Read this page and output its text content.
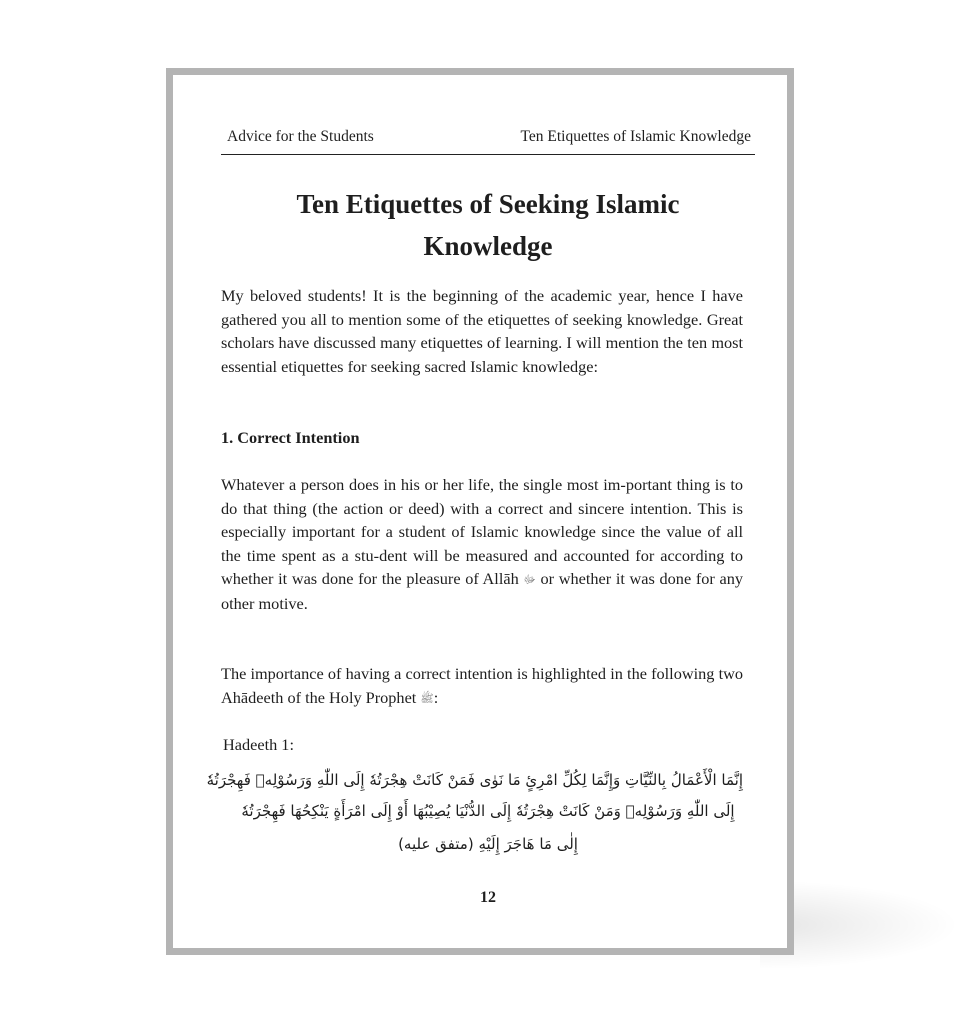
Advice for the Students	Ten Etiquettes of Islamic Knowledge
Ten Etiquettes of Seeking Islamic
Knowledge
My beloved students! It is the beginning of the academic year, hence I have gathered you all to mention some of the etiquettes of seeking knowledge. Great scholars have discussed many etiquettes of learning. I will mention the ten most essential etiquettes for seeking sacred Islamic knowledge:
1. Correct Intention
Whatever a person does in his or her life, the single most im-portant thing is to do that thing (the action or deed) with a correct and sincere intention. This is especially important for a student of Islamic knowledge since the value of all the time spent as a stu-dent will be measured and accounted for according to whether it was done for the pleasure of Allāh ﷻ or whether it was done for any other motive.
The importance of having a correct intention is highlighted in the following two Ahādeeth of the Holy Prophet ﷺ:
Hadeeth 1:
إِنَّمَا الْأَعْمَالُ بِالنِّيَّاتِ وَإِنَّمَا لِكُلِّ امْرِئٍ مَا نَوٰى فَمَنْ كَانَتْ هِجْرَتُهٗ إِلَى اللّٰهِ وَرَسُوْلِهٖ فَهِجْرَتُهٗ
إِلَى اللّٰهِ وَرَسُوْلِهٖ وَمَنْ كَانَتْ هِجْرَتُهٗ إِلَى الدُّنْيَا يُصِيْبُهَا أَوْ إِلَى امْرَأَةٍ يَنْكِحُهَا فَهِجْرَتُهٗ
إِلٰى مَا هَاجَرَ إِلَيْهِ (متفق عليه)
12
